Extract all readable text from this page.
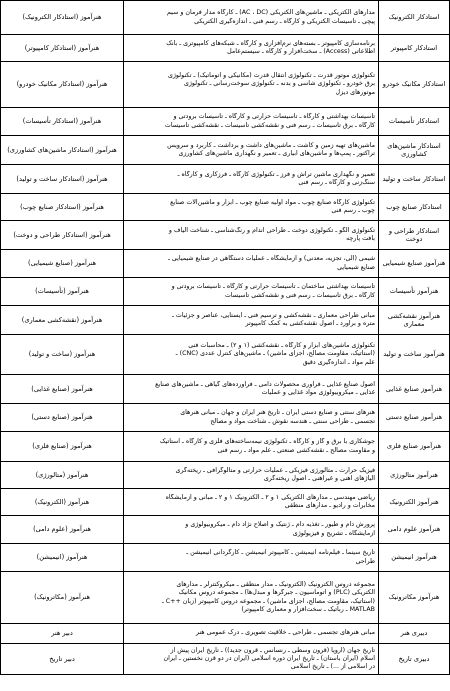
استادکار الکترونیک	مدارهای الکتریکی ـ ماشین‌های الکتریکی (AC ، DC) ـ کارگاه مدار فرمان و سیم
پیچی ـ تأسیسات الکتریکی و کارگاه ـ رسم فنی ـ اندازه‌گیری الکتریکی	هنرآموز (استادکار الکترونیک)
استادکار کامپیوتر	برنامه‌سازی کامپیوتر ـ بسته‌های نرم‌افزاری و کارگاه ـ شبکه‌های کامپیوتری ـ بانک
اطلاعاتی (Access) ـ سخت‌افزار و کارگاه ـ سیستم‌عامل	هنرآموز (استادکار کامپیوتر)
استادکار مکانیک خودرو	تکنولوژی موتور قدرت ـ تکنولوژی انتقال قدرت (مکانیکی و اتوماتیک) ـ تکنولوژی
برق خودرو ـ تکنولوژی شاسی و بدنه ـ تکنولوژی سوخت‌رسانی ـ تکنولوژی
موتورهای دیزل	هنرآموز (استادکار مکانیک خودرو)
استادکار تأسیسات	تأسیسات بهداشتی و کارگاه ـ تأسیسات حرارتی و کارگاه ـ تأسیسات برودتی و
کارگاه ـ برق تأسیسات ـ رسم فنی و نقشه‌کشی تأسیسات ـ نقشه‌کشی تأسیسات	هنرآموز (استادکار تأسیسات)
استادکار ماشین‌های کشاورزی	ماشین‌های تهیه زمین و کاشت ـ ماشین‌های داشت و برداشت ـ کاربرد و سرویس
تراکتور ـ پمپ‌ها و ماشین‌های آبیاری ـ تعمیر و نگهداری ماشین‌های کشاورزی	هنرآموز (استادکار ماشین‌های کشاورزی)
استادکار ساخت و تولید	تعمیر و نگهداری ماشین تراش و فرز ـ تکنولوژی کارگاه ـ فرزکاری و کارگاه ـ
سنگ‌زنی و کارگاه ـ رسم فنی	هنرآموز (استادکار ساخت و تولید)
استادکار صنایع چوب	تکنولوژی کارگاه صنایع چوب ـ مواد اولیه صنایع چوب ـ ابزار و ماشین‌آلات صنایع
چوب ـ رسم فنی	هنرآموز (استادکار صنایع چوب)
استادکار طراحی و دوخت	تکنولوژی الگو ـ تکنولوژی دوخت ـ طراحی اندام و رنگ‌شناسی ـ شناخت الیاف و
بافت پارچه	هنرآموز (استادکار طراحی و دوخت)
هنرآموز صنایع شیمیایی	شیمی (آلی، تجزیه، معدنی) و آزمایشگاه ـ عملیات دستگاهی در صنایع شیمیایی ـ
صنایع شیمیایی	هنرآموز (صنایع شیمیایی)
هنرآموز تأسیسات	تأسیسات بهداشتی ساختمان ـ تأسیسات حرارتی و کارگاه ـ تأسیسات برودتی و
کارگاه ـ برق تأسیسات ـ رسم فنی و نقشه‌کشی تأسیسات	هنرآموز (تأسیسات)
هنرآموز نقشه‌کشی معماری	مبانی طراحی معماری ـ نقشه‌کشی و ترسیم فنی ـ ایستایی، عناصر و جزئیات ـ
متره و برآورد ـ اصول نقشه‌کشی به کمک کامپیوتر	هنرآموز (نقشه‌کشی معماری)
هنرآموز ساخت و تولید	تکنولوژی ماشین‌های ابزار و کارگاه ـ نقشه‌کشی (۱ و ۲) ـ محاسبات فنی
(استاتیک، مقاومت مصالح، اجزای ماشین) ـ ماشین‌های کنترل عددی (CNC) ـ
علم مواد ـ اندازه‌گیری دقیق	هنرآموز (ساخت و تولید)
هنرآموز صنایع غذایی	اصول صنایع غذایی ـ فرآوری محصولات دامی ـ فرآورده‌های گیاهی ـ ماشین‌های صنایع
غذایی ـ میکروبیولوژی مواد غذایی و عملیات	هنرآموز (صنایع غذایی)
هنرآموز صنایع دستی	هنرهای سنتی و صنایع دستی ایران ـ تاریخ هنر ایران و جهان ـ مبانی هنرهای
تجسمی ـ طراحی سنتی ـ هندسه نقوش ـ شناخت مواد و مصالح	هنرآموز (صنایع دستی)
هنرآموز صنایع فلزی	جوشکاری با برق و گاز و کارگاه ـ تکنولوژی نیمه‌ساخته‌های فلزی و کارگاه ـ استاتیک
و مقاومت مصالح ـ نقشه‌کشی صنعتی ـ علم مواد ـ رسم فنی	هنرآموز (صنایع فلزی)
هنرآموز متالورژی	فیزیک حرارت ـ متالورژی فیزیکی ـ عملیات حرارتی و متالوگرافی ـ ریخته‌گری
آلیاژهای آهنی و غیرآهنی ـ اصول ریخته‌گری	هنرآموز (متالورژی)
هنرآموز الکترونیک	ریاضی مهندسی ـ مدارهای الکتریکی ۱ و ۲ ـ الکترونیک ۱ و ۲ ـ مبانی و آزمایشگاه
مخابرات و رادیو ـ مدارهای منطقی	هنرآموز (الکترونیک)
هنرآموز علوم دامی	پرورش دام و طیور ـ تغذیه دام ـ ژنتیک و اصلاح نژاد دام ـ میکروبیولوژی و
آزمایشگاه ـ تشریح و فیزیولوژی	هنرآموز (علوم دامی)
هنرآموز انیمیشن	تاریخ سینما ـ فیلم‌نامه انیمیشن ـ کامپیوتر انیمیشن ـ کارگردانی انیمیشن ـ
طراحی	هنرآموز (انیمیشن)
هنرآموز مکاترونیک	مجموعه دروس الکترونیک (الکترونیک ـ مدار منطقی ـ میکروکنترلر ـ مدارهای
الکتریکی (PLC) و اتوماسیون ـ جبرگرها و مبدل‌ها) ـ مجموعه دروس مکانیک
(استاتیک، مقاومت مصالح، اجزای ماشین) ـ مجموعه دروس کامپیوتر (زبان ++C ـ
MATLAB ـ رباتیک ـ سخت‌افزار و معماری کامپیوتر)	هنرآموز (مکاترونیک)
دبیری هنر	مبانی هنرهای تجسمی ـ طراحی ـ خلاقیت تصویری ـ درک عمومی هنر	دبیر هنر
دبیری تاریخ	تاریخ جهان (اروپا (قرون وسطی ـ رنسانس ـ قرون جدید)) ـ تاریخ ایران پیش از
اسلام (ایران باستان) ـ تاریخ ایران دوره اسلامی (ایران در دو قرن نخستین ـ ایران
در اسلامی از ...) ـ تاریخ اسلامی	دبیر تاریخ
